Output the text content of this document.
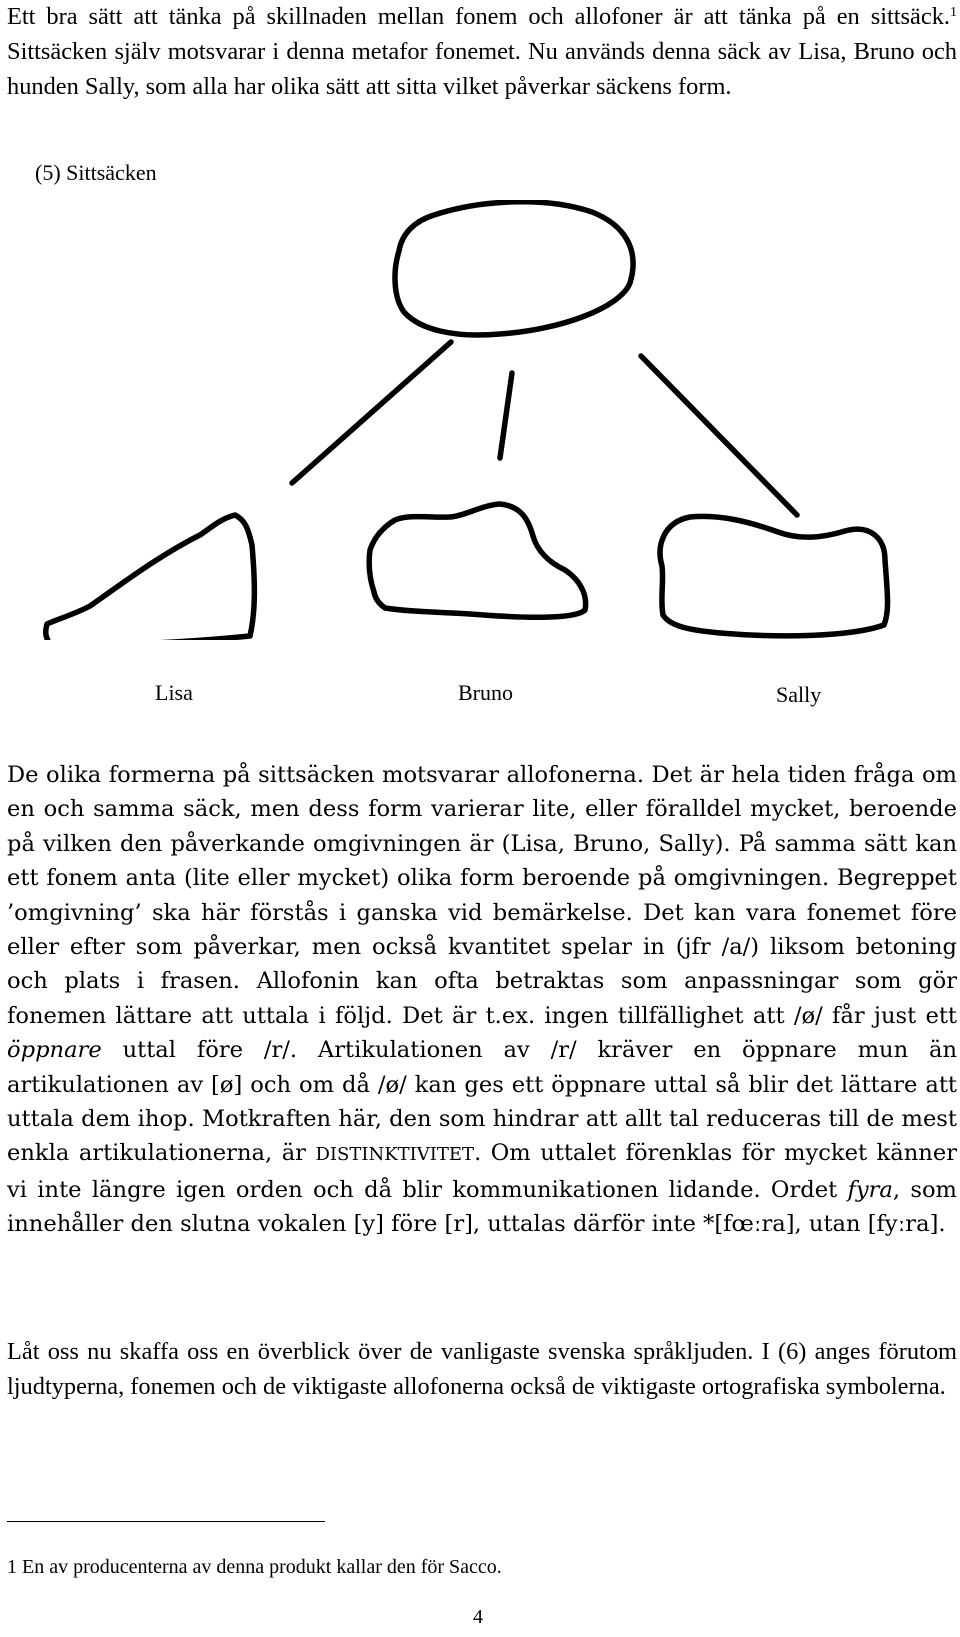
Ett bra sätt att tänka på skillnaden mellan fonem och allofoner är att tänka på en sittsäck.$^1$ Sittsäcken själv motsvarar i denna metafor fonemet. Nu används denna säck av Lisa, Bruno och hunden Sally, som alla har olika sätt att sitta vilket påverkar säckens form.

(5) Sittsäcken

Lisa	Bruno	Sally

De olika formerna på sittsäcken motsvarar allofonerna. Det är hela tiden fråga om en och samma säck, men dess form varierar lite, eller föralldel mycket, beroende på vilken den påverkande omgivningen är (Lisa, Bruno, Sally). På samma sätt kan ett fonem anta (lite eller mycket) olika form beroende på omgivningen. Begreppet ’omgivning’ ska här förstås i ganska vid bemärkelse. Det kan vara fonemet före eller efter som påverkar, men också kvantitet spelar in (jfr /a/) liksom betoning och plats i frasen. Allofonin kan ofta betraktas som anpassningar som gör fonemen lättare att uttala i följd. Det är t.ex. ingen tillfällighet att /ø/ får just ett öppnare uttal före /r/. Artikulationen av /r/ kräver en öppnare mun än artikulationen av [ø] och om då /ø/ kan ges ett öppnare uttal så blir det lättare att uttala dem ihop. Motkraften här, den som hindrar att allt tal reduceras till de mest enkla artikulationerna, är DISTINKTIVITET. Om uttalet förenklas för mycket känner vi inte längre igen orden och då blir kommunikationen lidande. Ordet fyra, som innehåller den slutna vokalen [y] före [r], uttalas därför inte *[fœːra], utan [fyːra].

Låt oss nu skaffa oss en överblick över de vanligaste svenska språkljuden. I (6) anges förutom ljudtyperna, fonemen och de viktigaste allofonerna också de viktigaste ortografiska symbolerna.

1 En av producenterna av denna produkt kallar den för Sacco.

4
